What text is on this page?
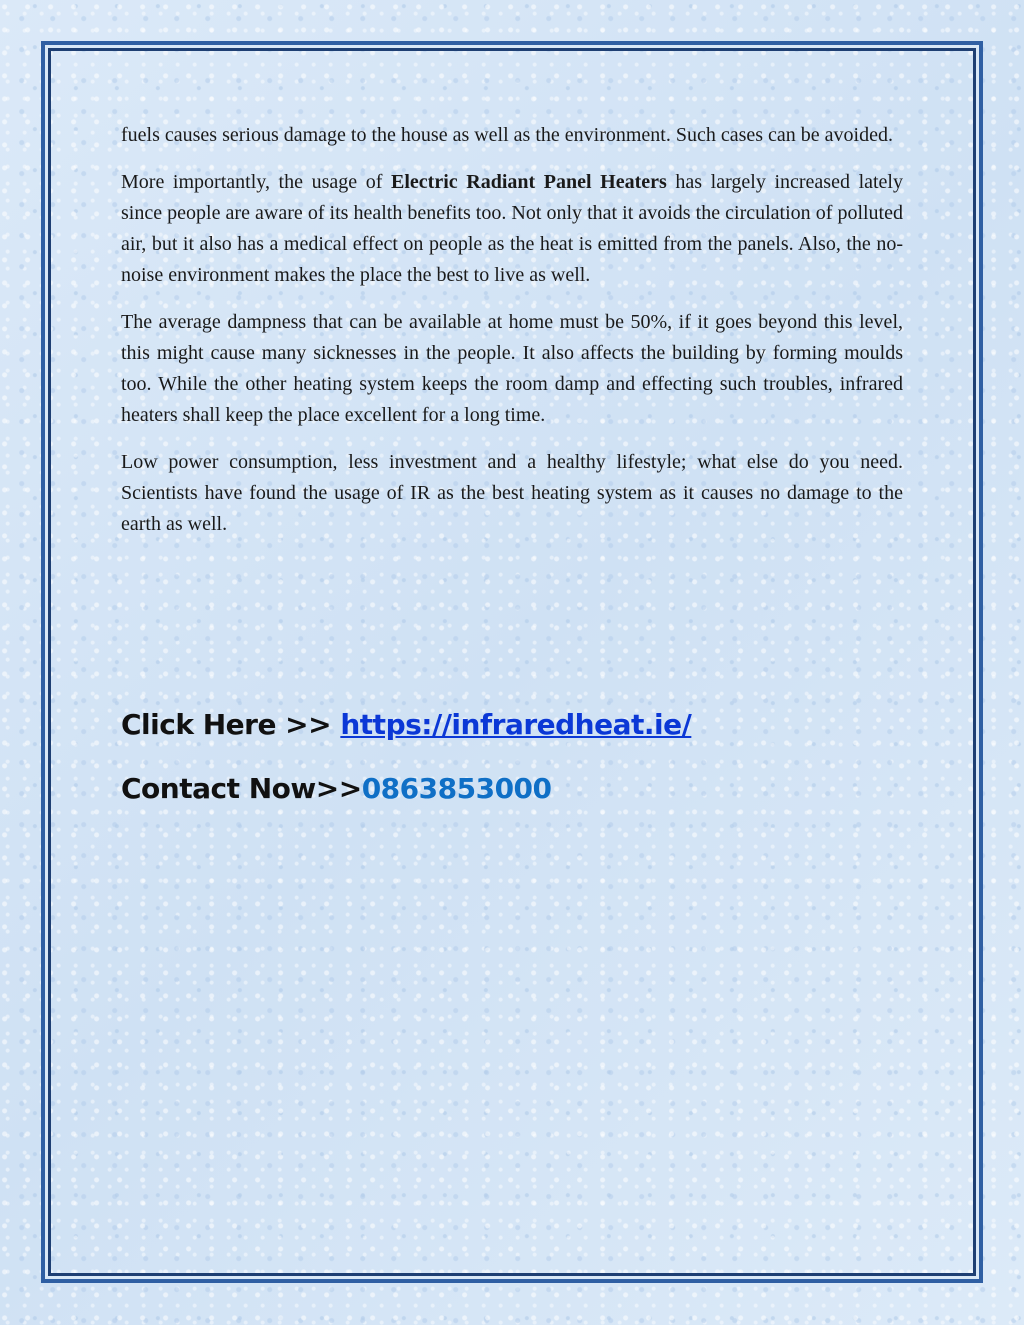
fuels causes serious damage to the house as well as the environment. Such cases can be avoided.

More importantly, the usage of Electric Radiant Panel Heaters has largely increased lately since people are aware of its health benefits too. Not only that it avoids the circulation of polluted air, but it also has a medical effect on people as the heat is emitted from the panels. Also, the no-noise environment makes the place the best to live as well.

The average dampness that can be available at home must be 50%, if it goes beyond this level, this might cause many sicknesses in the people. It also affects the building by forming moulds too. While the other heating system keeps the room damp and effecting such troubles, infrared heaters shall keep the place excellent for a long time.

Low power consumption, less investment and a healthy lifestyle; what else do you need. Scientists have found the usage of IR as the best heating system as it causes no damage to the earth as well.

Click Here >> https://infraredheat.ie/

Contact Now>>0863853000
